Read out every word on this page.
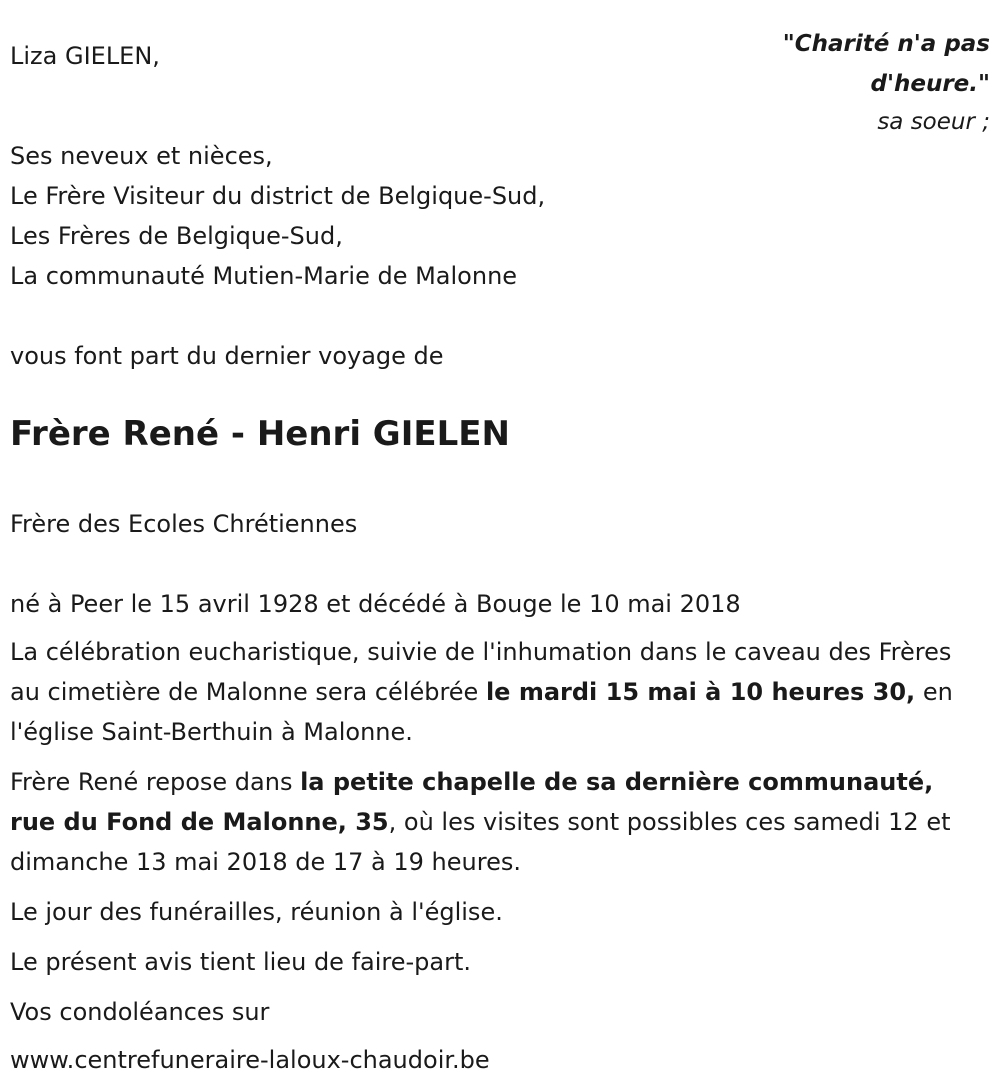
Liza GIELEN,	"Charité n'a pas
d'heure."
sa soeur ;
Ses neveux et nièces,
Le Frère Visiteur du district de Belgique-Sud,
Les Frères de Belgique-Sud,
La communauté Mutien-Marie de Malonne
vous font part du dernier voyage de
Frère René - Henri GIELEN
Frère des Ecoles Chrétiennes
né à Peer le 15 avril 1928 et décédé à Bouge le 10 mai 2018
La célébration eucharistique, suivie de l'inhumation dans le caveau des Frères au cimetière de Malonne sera célébrée le mardi 15 mai à 10 heures 30, en l'église Saint-Berthuin à Malonne.
Frère René repose dans la petite chapelle de sa dernière communauté, rue du Fond de Malonne, 35, où les visites sont possibles ces samedi 12 et dimanche 13 mai 2018 de 17 à 19 heures.
Le jour des funérailles, réunion à l'église.
Le présent avis tient lieu de faire-part.
Vos condoléances sur
www.centrefuneraire-laloux-chaudoir.be
